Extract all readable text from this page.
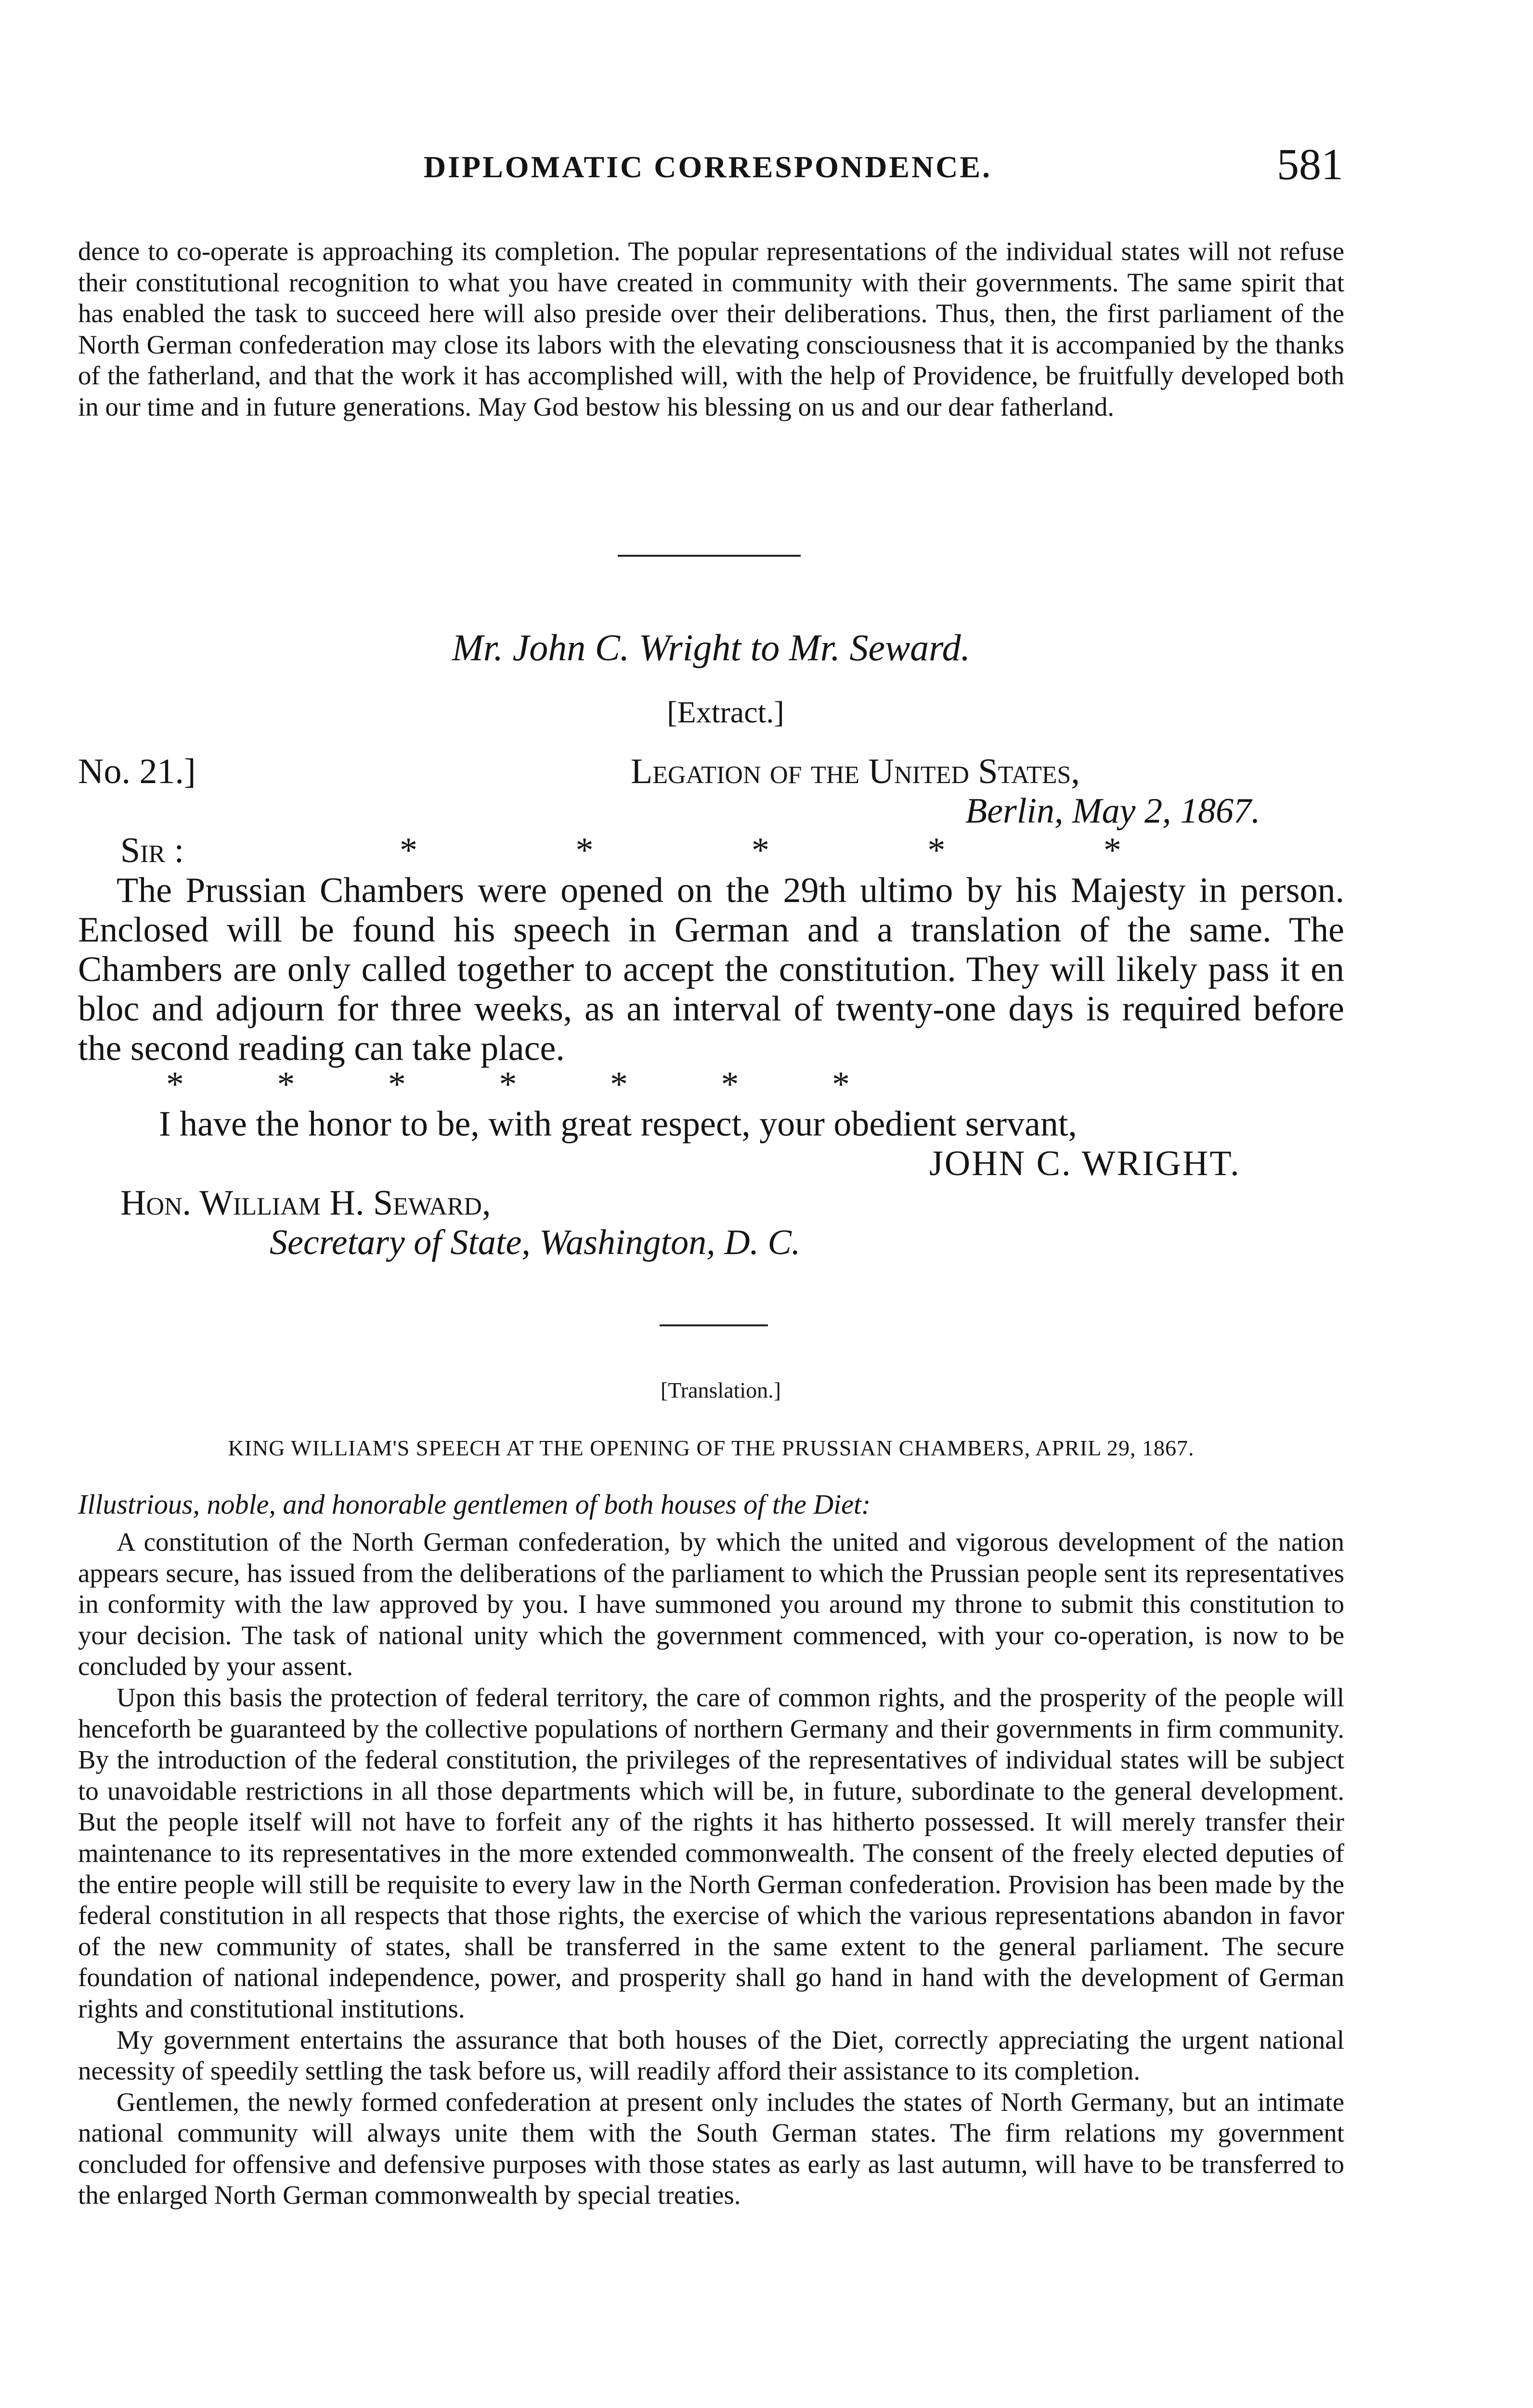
DIPLOMATIC CORRESPONDENCE.	581

dence to co-operate is approaching its completion. The popular representations of the individual states will not refuse their constitutional recognition to what you have created in community with their governments. The same spirit that has enabled the task to succeed here will also preside over their deliberations. Thus, then, the first parliament of the North German confederation may close its labors with the elevating consciousness that it is accompanied by the thanks of the fatherland, and that the work it has accomplished will, with the help of Providence, be fruitfully developed both in our time and in future generations. May God bestow his blessing on us and our dear fatherland.

Mr. John C. Wright to Mr. Seward.
[Extract.]
No. 21.]	Legation of the United States,
Berlin, May 2, 1867.
Sir :	* * * * *

The Prussian Chambers were opened on the 29th ultimo by his Majesty in person. Enclosed will be found his speech in German and a translation of the same. The Chambers are only called together to accept the constitution. They will likely pass it en bloc and adjourn for three weeks, as an interval of twenty-one days is required before the second reading can take place.

* * * * * * *
I have the honor to be, with great respect, your obedient servant,
JOHN C. WRIGHT.
Hon. William H. Seward,
Secretary of State, Washington, D. C.
[Translation.]
KING WILLIAM'S SPEECH AT THE OPENING OF THE PRUSSIAN CHAMBERS, APRIL 29, 1867.
Illustrious, noble, and honorable gentlemen of both houses of the Diet:

A constitution of the North German confederation, by which the united and vigorous development of the nation appears secure, has issued from the deliberations of the parliament to which the Prussian people sent its representatives in conformity with the law approved by you. I have summoned you around my throne to submit this constitution to your decision. The task of national unity which the government commenced, with your co-operation, is now to be concluded by your assent.

Upon this basis the protection of federal territory, the care of common rights, and the prosperity of the people will henceforth be guaranteed by the collective populations of northern Germany and their governments in firm community. By the introduction of the federal constitution, the privileges of the representatives of individual states will be subject to unavoidable restrictions in all those departments which will be, in future, subordinate to the general development. But the people itself will not have to forfeit any of the rights it has hitherto possessed. It will merely transfer their maintenance to its representatives in the more extended commonwealth. The consent of the freely elected deputies of the entire people will still be requisite to every law in the North German confederation. Provision has been made by the federal constitution in all respects that those rights, the exercise of which the various representations abandon in favor of the new community of states, shall be transferred in the same extent to the general parliament. The secure foundation of national independence, power, and prosperity shall go hand in hand with the development of German rights and constitutional institutions.

My government entertains the assurance that both houses of the Diet, correctly appreciating the urgent national necessity of speedily settling the task before us, will readily afford their assistance to its completion.

Gentlemen, the newly formed confederation at present only includes the states of North Germany, but an intimate national community will always unite them with the South German states. The firm relations my government concluded for offensive and defensive purposes with those states as early as last autumn, will have to be transferred to the enlarged North German commonwealth by special treaties.
